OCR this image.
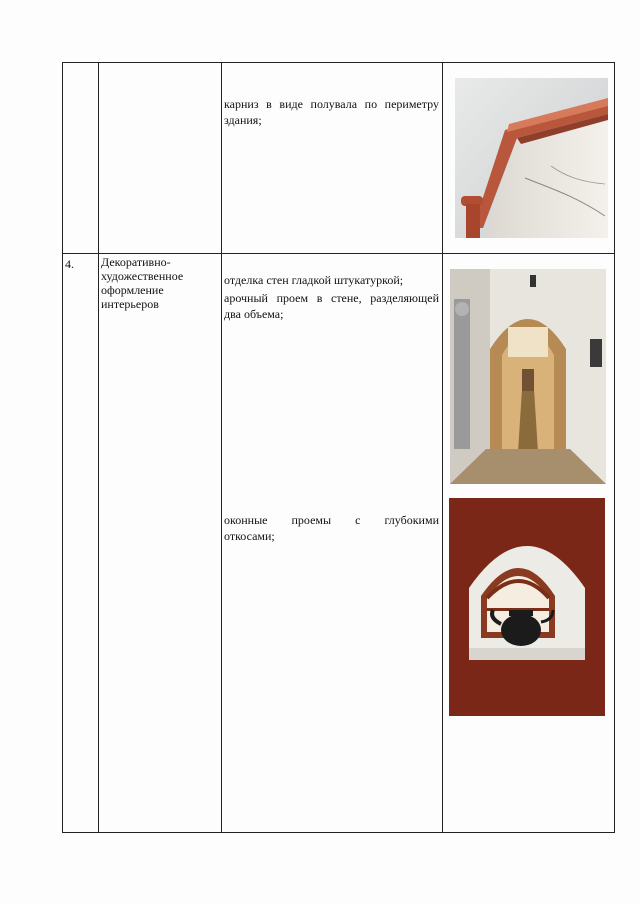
карниз в виде полувала по периметру
здания;
4. Декоративно-
художественное
оформление
интерьеров
отделка стен гладкой штукатуркой;
арочный проем в стене, разделяющей
два объема;
оконные проемы с глубокими
откосами;
